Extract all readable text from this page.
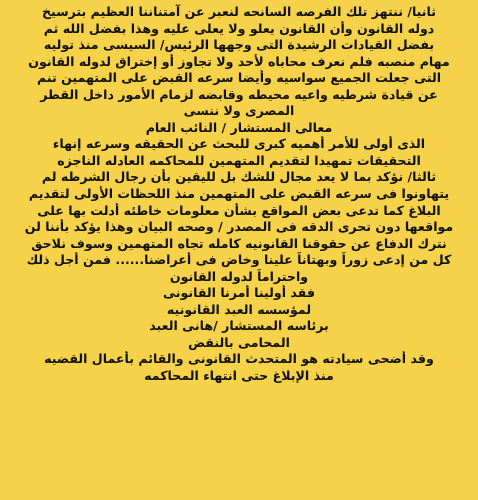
ثانيا/ ننتهز تلك الفرصه السانحه لنعبر عن آمتناننا العظيم بترسيخ
دوله القانون وأن القانون يعلو ولا يعلى عليه وهذا بفضل الله ثم
بفضل القيادات الرشيدة التى وجهها الرئيس/ السيسى منذ توليه
مهام منصبه فلم نعرف محاباه لأحد ولا تجاوز أو إختراق لدوله القانون
التى جعلت الجميع سواسيه وأيضا سرعه القبض على المتهمين تنم
عن قيادة شرطيه واعيه محيطه وقابضه لزمام الأمور داخل القطر
المصرى ولا ننسى
معالى المستشار / النائب العام
الذى أولى للأمر أهميه كبرى للبحث عن الحقيقه وسرعه إنهاء
التحقيقات تمهيدا لتقديم المتهمين للمحاكمه العادله الناجزه
ثالثا/ نؤكد بما لا يعد مجال للشك بل لليقين بأن رجال الشرطه لم
يتهاونوا فى سرعه القبض على المتهمين منذ اللحظات الأولى لتقديم
البلاغ كما تدعى بعض المواقع بشأن معلومات خاطئه أدلت بها على
مواقعها دون تحرى الدقه فى المصدر / وصحه البيان وهذا يؤكد بأننا لن
نترك الدفاع عن حقوقنا القانونيه كامله تجاه المتهمين وسوف نلاحق
كل من إدعى زوراً وبهتاناً علينا وخاض فى أعراضنا...... فمن أجل ذلك
واحتراماً لدوله القانون
فقد أولينا أمرنا القانونى
لمؤسسه العبد القانونيه
برئاسه المستشار /هانى العبد
المحامى بالنقض
وقد أضحى سيادته هو المتحدث القانونى والقائم بأعمال القضيه
منذ الإبلاغ حتى انتهاء المحاكمه
